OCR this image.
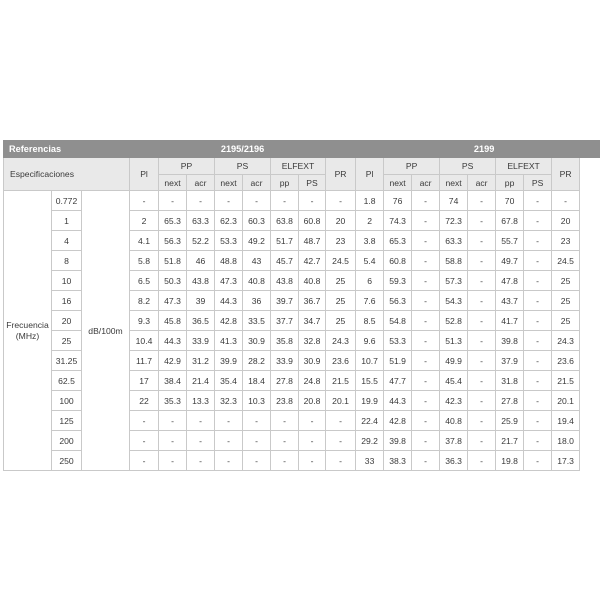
Referencias			2195/2196								2199							
Especificaciones			Pl	PP		PS		ELFEXT		PR	Pl	PP		PS		ELFEXT		PR
				next	acr	next	acr	pp	PS			next	acr	next	acr	pp	PS	

Frecuencia
(MHz)	0.772	dB/100m	-	-	-	-	-	-	-	-	1.8	76	-	74	-	70	-	-
	1		2	65.3	63.3	62.3	60.3	63.8	60.8	20	2	74.3	-	72.3	-	67.8	-	20
	4		4.1	56.3	52.2	53.3	49.2	51.7	48.7	23	3.8	65.3	-	63.3	-	55.7	-	23
	8		5.8	51.8	46	48.8	43	45.7	42.7	24.5	5.4	60.8	-	58.8	-	49.7	-	24.5
	10		6.5	50.3	43.8	47.3	40.8	43.8	40.8	25	6	59.3	-	57.3	-	47.8	-	25
	16		8.2	47.3	39	44.3	36	39.7	36.7	25	7.6	56.3	-	54.3	-	43.7	-	25
	20		9.3	45.8	36.5	42.8	33.5	37.7	34.7	25	8.5	54.8	-	52.8	-	41.7	-	25
	25		10.4	44.3	33.9	41.3	30.9	35.8	32.8	24.3	9.6	53.3	-	51.3	-	39.8	-	24.3
	31.25		11.7	42.9	31.2	39.9	28.2	33.9	30.9	23.6	10.7	51.9	-	49.9	-	37.9	-	23.6
	62.5		17	38.4	21.4	35.4	18.4	27.8	24.8	21.5	15.5	47.7	-	45.4	-	31.8	-	21.5
	100		22	35.3	13.3	32.3	10.3	23.8	20.8	20.1	19.9	44.3	-	42.3	-	27.8	-	20.1
	125		-	-	-	-	-	-	-	-	22.4	42.8	-	40.8	-	25.9	-	19.4
	200		-	-	-	-	-	-	-	-	29.2	39.8	-	37.8	-	21.7	-	18.0
	250		-	-	-	-	-	-	-	-	33	38.3	-	36.3	-	19.8	-	17.3
